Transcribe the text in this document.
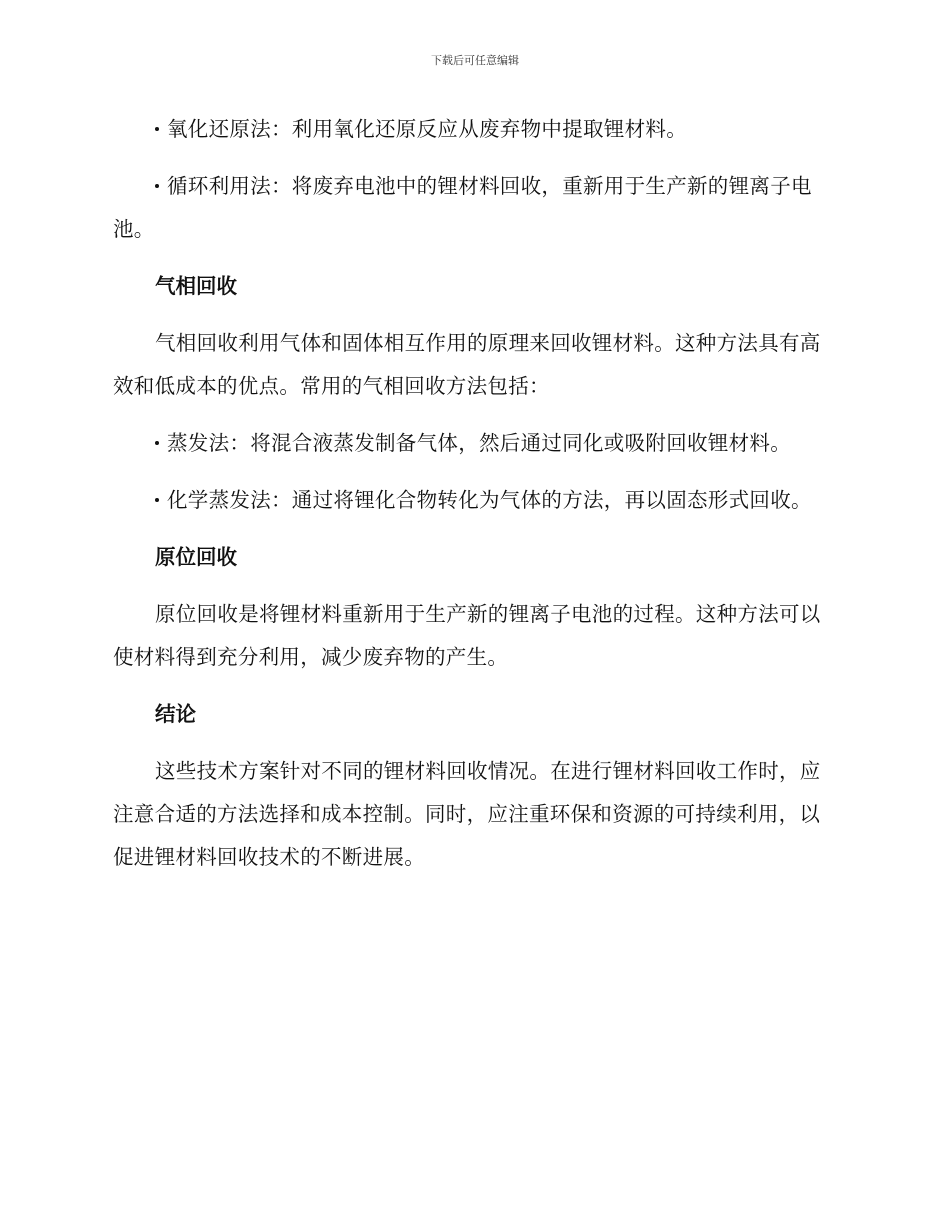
下载后可任意编辑

氧化还原法：利用氧化还原反应从废弃物中提取锂材料。

循环利用法：将废弃电池中的锂材料回收，重新用于生产新的锂离子电池。

气相回收

气相回收利用气体和固体相互作用的原理来回收锂材料。这种方法具有高效和低成本的优点。常用的气相回收方法包括：

蒸发法：将混合液蒸发制备气体，然后通过同化或吸附回收锂材料。

化学蒸发法：通过将锂化合物转化为气体的方法，再以固态形式回收。

原位回收

原位回收是将锂材料重新用于生产新的锂离子电池的过程。这种方法可以使材料得到充分利用，减少废弃物的产生。

结论

这些技术方案针对不同的锂材料回收情况。在进行锂材料回收工作时，应注意合适的方法选择和成本控制。同时，应注重环保和资源的可持续利用，以促进锂材料回收技术的不断进展。
